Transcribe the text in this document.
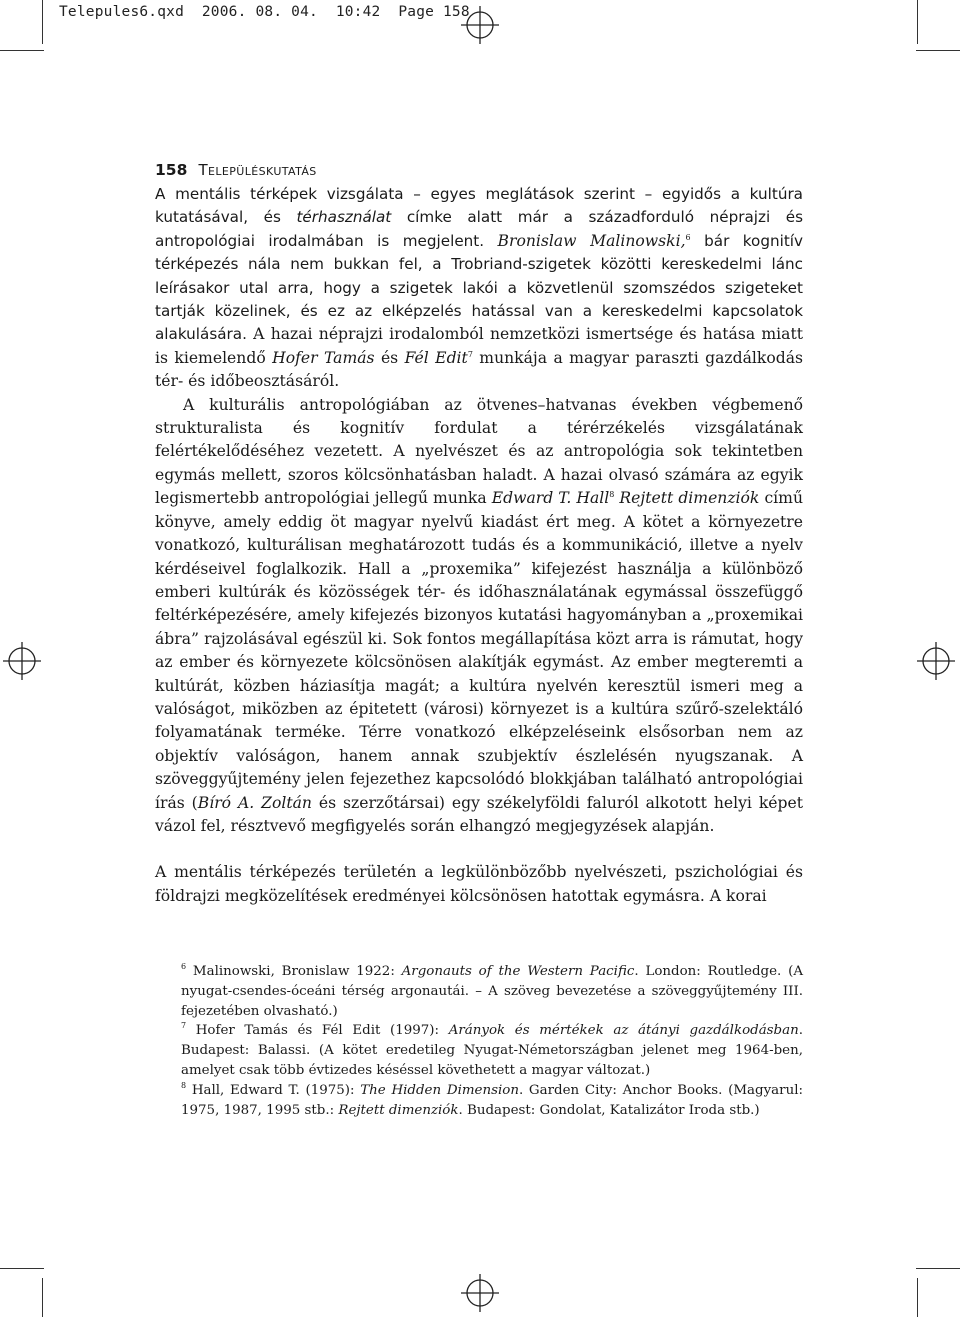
Telepules6.qxd  2006. 08. 04.  10:42  Page 158
158 TELEPÜLÉSKUTATÁS

A mentális térképek vizsgálata – egyes meglátások szerint – egyidős a kultúra kutatásával, és térhasználat címke alatt már a századforduló néprajzi és antropológiai irodalmában is megjelent. Bronislaw Malinowski,$^6$ bár kognitív térképezés nála nem bukkan fel, a Trobriand-szigetek közötti kereskedelmi lánc leírásakor utal arra, hogy a szigetek lakói a közvetlenül szomszédos szigeteket tartják közelinek, és ez az elképzelés hatással van a kereskedelmi kapcsolatok alakulására. A hazai néprajzi irodalomból nemzetközi ismertsége és hatása miatt is kiemelendő Hofer Tamás és Fél Edit$^7$ munkája a magyar paraszti gazdálkodás tér- és időbeosztásáról.

A kulturális antropológiában az ötvenes–hatvanas években végbemenő strukturalista és kognitív fordulat a térérzékelés vizsgálatának felértékelődéséhez vezetett. A nyelvészet és az antropológia sok tekintetben egymás mellett, szoros kölcsönhatásban haladt. A hazai olvasó számára az egyik legismertebb antropológiai jellegű munka Edward T. Hall$^8$ Rejtett dimenziók című könyve, amely eddig öt magyar nyelvű kiadást ért meg. A kötet a környezetre vonatkozó, kulturálisan meghatározott tudás és a kommunikáció, illetve a nyelv kérdéseivel foglalkozik. Hall a „proxemika” kifejezést használja a különböző emberi kultúrák és közösségek tér- és időhasználatának egymással összefüggő feltérképezésére, amely kifejezés bizonyos kutatási hagyományban a „proxemikai ábra” rajzolásával egészül ki. Sok fontos megállapítása közt arra is rámutat, hogy az ember és környezete kölcsönösen alakítják egymást. Az ember megteremti a kultúrát, közben háziasítja magát; a kultúra nyelvén keresztül ismeri meg a valóságot, miközben az épitetett (városi) környezet is a kultúra szűrő-szelektáló folyamatának terméke. Térre vonatkozó elképzeléseink elsősorban nem az objektív valóságon, hanem annak szubjektív észlelésén nyugszanak. A szöveggyűjtemény jelen fejezethez kapcsolódó blokkjában található antropológiai írás (Bíró A. Zoltán és szerzőtársai) egy székelyföldi faluról alkotott helyi képet vázol fel, résztvevő megfigyelés során elhangzó megjegyzések alapján.

A mentális térképezés területén a legkülönbözőbb nyelvészeti, pszichológiai és földrajzi megközelítések eredményei kölcsönösen hatottak egymásra. A korai

$^6$ Malinowski, Bronislaw 1922: Argonauts of the Western Pacific. London: Routledge. (A nyugat-csendes-óceáni térség argonautái. – A szöveg bevezetése a szöveggyűjtemény III. fejezetében olvasható.)

$^7$ Hofer Tamás és Fél Edit (1997): Arányok és mértékek az átányi gazdálkodásban. Budapest: Balassi. (A kötet eredetileg Nyugat-Németországban jelenet meg 1964-ben, amelyet csak több évtizedes késéssel követhetett a magyar változat.)

$^8$ Hall, Edward T. (1975): The Hidden Dimension. Garden City: Anchor Books. (Magyarul: 1975, 1987, 1995 stb.: Rejtett dimenziók. Budapest: Gondolat, Katalizátor Iroda stb.)
